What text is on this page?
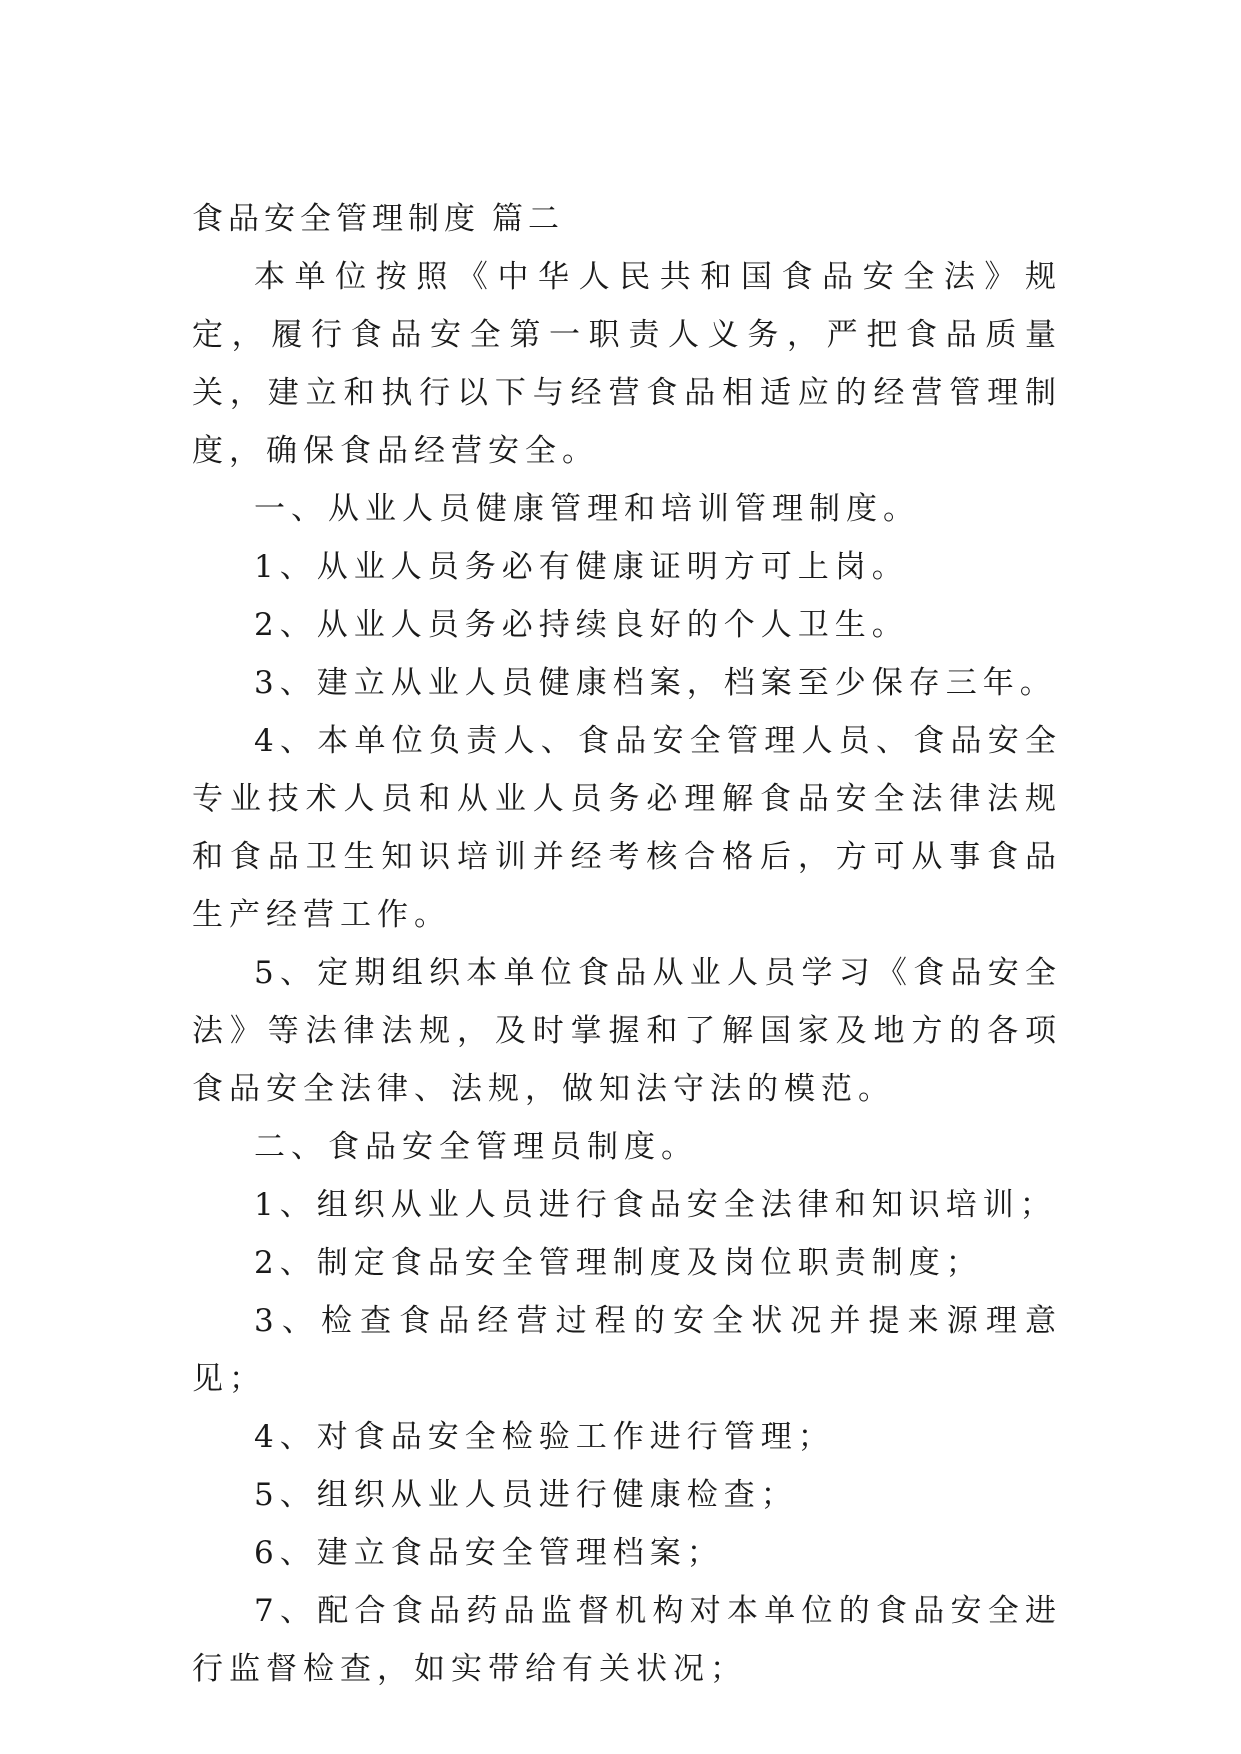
食品安全管理制度 篇二

本单位按照《中华人民共和国食品安全法》规定，履行食品安全第一职责人义务，严把食品质量关，建立和执行以下与经营食品相适应的经营管理制度，确保食品经营安全。

一、从业人员健康管理和培训管理制度。

1、从业人员务必有健康证明方可上岗。

2、从业人员务必持续良好的个人卫生。

3、建立从业人员健康档案，档案至少保存三年。

4、本单位负责人、食品安全管理人员、食品安全专业技术人员和从业人员务必理解食品安全法律法规和食品卫生知识培训并经考核合格后，方可从事食品生产经营工作。

5、定期组织本单位食品从业人员学习《食品安全法》等法律法规，及时掌握和了解国家及地方的各项食品安全法律、法规，做知法守法的模范。

二、食品安全管理员制度。

1、组织从业人员进行食品安全法律和知识培训；

2、制定食品安全管理制度及岗位职责制度；

3、检查食品经营过程的安全状况并提来源理意见；

4、对食品安全检验工作进行管理；

5、组织从业人员进行健康检查；

6、建立食品安全管理档案；

7、配合食品药品监督机构对本单位的食品安全进行监督检查，如实带给有关状况；
